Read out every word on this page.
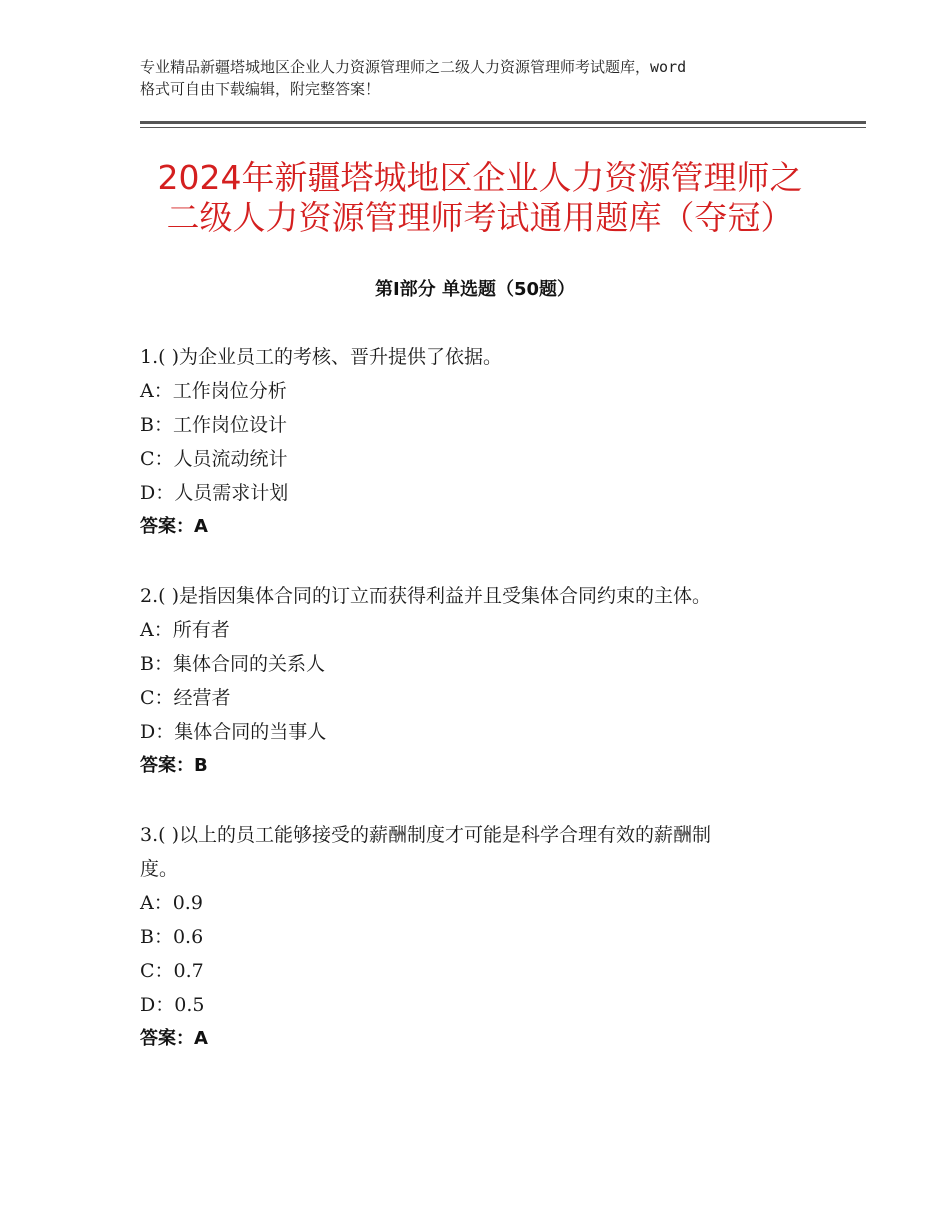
专业精品新疆塔城地区企业人力资源管理师之二级人力资源管理师考试题库，word
格式可自由下载编辑，附完整答案！
2024年新疆塔城地区企业人力资源管理师之
二级人力资源管理师考试通用题库（夺冠）
第Ⅰ部分 单选题（50题）
1.( )为企业员工的考核、晋升提供了依据。
A：工作岗位分析
B：工作岗位设计
C：人员流动统计
D：人员需求计划
答案：A
2.( )是指因集体合同的订立而获得利益并且受集体合同约束的主体。
A：所有者
B：集体合同的关系人
C：经营者
D：集体合同的当事人
答案：B
3.( )以上的员工能够接受的薪酬制度才可能是科学合理有效的薪酬制
度。
A：0.9
B：0.6
C：0.7
D：0.5
答案：A
